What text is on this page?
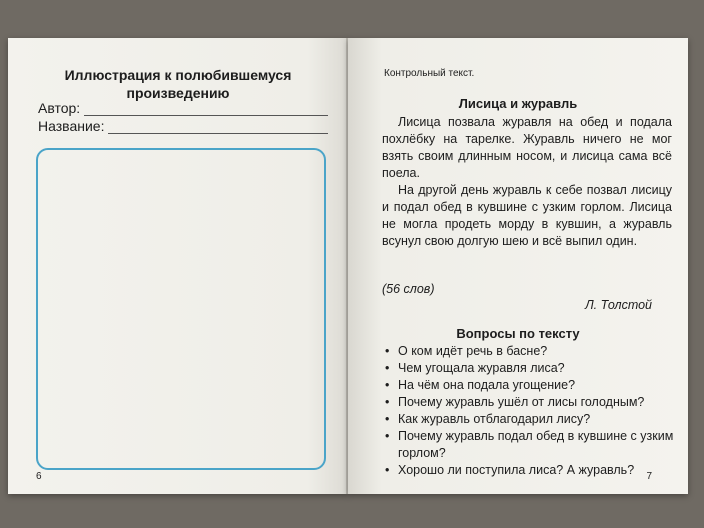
Иллюстрация к полюбившемуся
произведению
Автор:
Название:
6
Контрольный текст.
Лисица и журавль

Лисица позвала журавля на обед и подала похлёбку на тарелке. Журавль ничего не мог взять своим длинным носом, и лисица сама всё поела.

На другой день журавль к себе позвал лисицу и подал обед в кувшине с узким горлом. Лисица не могла продеть морду в кувшин, а журавль всунул свою долгую шею и всё выпил один.

(56 слов)
Л. Толстой
Вопросы по тексту
• О ком идёт речь в басне?
• Чем угощала журавля лиса?
• На чём она подала угощение?
• Почему журавль ушёл от лисы голодным?
• Как журавль отблагодарил лису?
• Почему журавль подал обед в кувшине с узким горлом?
• Хорошо ли поступила лиса? А журавль?	7
